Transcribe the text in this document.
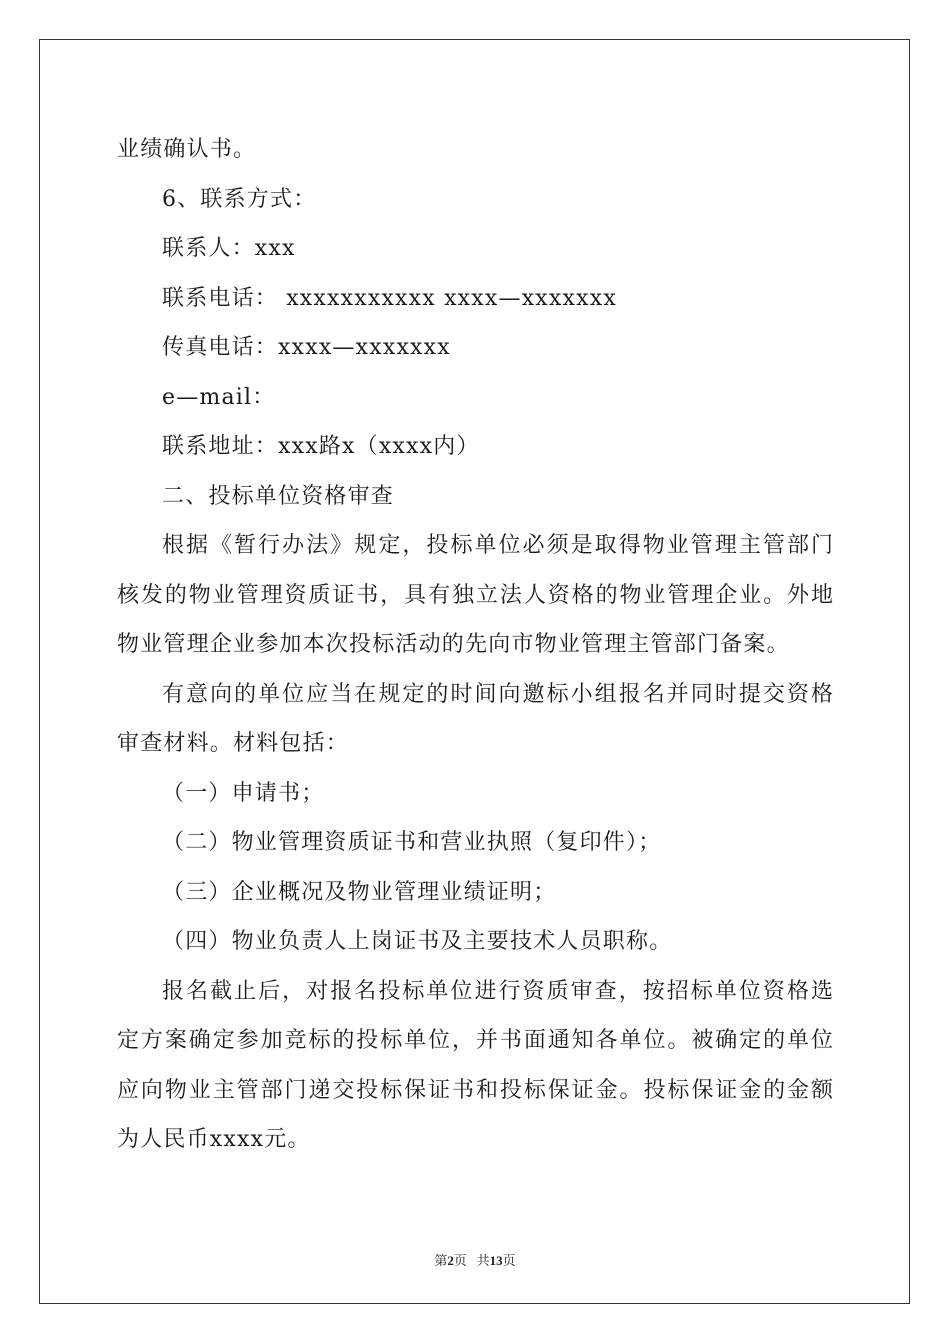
业绩确认书。
6、联系方式：
联系人：xxx
联系电话： xxxxxxxxxxx xxxx—xxxxxxx
传真电话：xxxx—xxxxxxx
e—mail：
联系地址：xxx路x（xxxx内）
二、投标单位资格审查
根据《暂行办法》规定，投标单位必须是取得物业管理主管部门
核发的物业管理资质证书，具有独立法人资格的物业管理企业。外地
物业管理企业参加本次投标活动的先向市物业管理主管部门备案。
有意向的单位应当在规定的时间向邀标小组报名并同时提交资格
审查材料。材料包括：
（一）申请书；
（二）物业管理资质证书和营业执照（复印件）；
（三）企业概况及物业管理业绩证明；
（四）物业负责人上岗证书及主要技术人员职称。
报名截止后，对报名投标单位进行资质审查，按招标单位资格选
定方案确定参加竞标的投标单位，并书面通知各单位。被确定的单位
应向物业主管部门递交投标保证书和投标保证金。投标保证金的金额
为人民币xxxx元。
第2页 共13页
